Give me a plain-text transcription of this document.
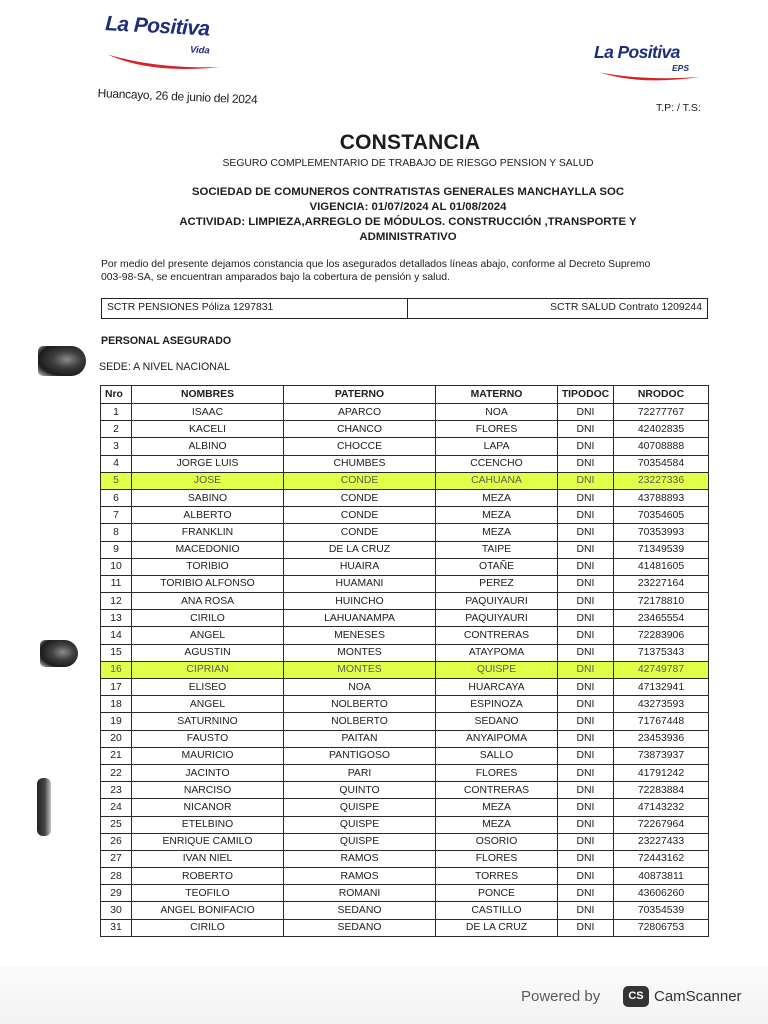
La Positiva
Vida	La Positiva
EPS
Huancayo, 26 de junio del 2024
T.P: / T.S:
CONSTANCIA
SEGURO COMPLEMENTARIO DE TRABAJO DE RIESGO PENSION Y SALUD
SOCIEDAD DE COMUNEROS CONTRATISTAS GENERALES MANCHAYLLA SOC
VIGENCIA: 01/07/2024 AL 01/08/2024
ACTIVIDAD: LIMPIEZA,ARREGLO DE MÓDULOS. CONSTRUCCIÓN ,TRANSPORTE Y
ADMINISTRATIVO
Por medio del presente dejamos constancia que los asegurados detallados líneas abajo, conforme al Decreto Supremo
003-98-SA, se encuentran amparados bajo la cobertura de pensión y salud.
SCTR PENSIONES Póliza 1297831	SCTR SALUD Contrato 1209244
PERSONAL ASEGURADO
SEDE: A NIVEL NACIONAL
Nro	NOMBRES	PATERNO	MATERNO	TIPODOC	NRODOC
1	ISAAC	APARCO	NOA	DNI	72277767
2	KACELI	CHANCO	FLORES	DNI	42402835
3	ALBINO	CHOCCE	LAPA	DNI	40708888
4	JORGE LUIS	CHUMBES	CCENCHO	DNI	70354584
5	JOSE	CONDE	CAHUANA	DNI	23227336
6	SABINO	CONDE	MEZA	DNI	43788893
7	ALBERTO	CONDE	MEZA	DNI	70354605
8	FRANKLIN	CONDE	MEZA	DNI	70353993
9	MACEDONIO	DE LA CRUZ	TAIPE	DNI	71349539
10	TORIBIO	HUAIRA	OTAÑE	DNI	41481605
11	TORIBIO ALFONSO	HUAMANI	PEREZ	DNI	23227164
12	ANA ROSA	HUINCHO	PAQUIYAURI	DNI	72178810
13	CIRILO	LAHUANAMPA	PAQUIYAURI	DNI	23465554
14	ANGEL	MENESES	CONTRERAS	DNI	72283906
15	AGUSTIN	MONTES	ATAYPOMA	DNI	71375343
16	CIPRIAN	MONTES	QUISPE	DNI	42749787
17	ELISEO	NOA	HUARCAYA	DNI	47132941
18	ANGEL	NOLBERTO	ESPINOZA	DNI	43273593
19	SATURNINO	NOLBERTO	SEDANO	DNI	71767448
20	FAUSTO	PAITAN	ANYAIPOMA	DNI	23453936
21	MAURICIO	PANTIGOSO	SALLO	DNI	73873937
22	JACINTO	PARI	FLORES	DNI	41791242
23	NARCISO	QUINTO	CONTRERAS	DNI	72283884
24	NICANOR	QUISPE	MEZA	DNI	47143232
25	ETELBINO	QUISPE	MEZA	DNI	72267964
26	ENRIQUE CAMILO	QUISPE	OSORIO	DNI	23227433
27	IVAN NIEL	RAMOS	FLORES	DNI	72443162
28	ROBERTO	RAMOS	TORRES	DNI	40873811
29	TEOFILO	ROMANI	PONCE	DNI	43606260
30	ANGEL BONIFACIO	SEDANO	CASTILLO	DNI	70354539
31	CIRILO	SEDANO	DE LA CRUZ	DNI	72806753
Powered by	CS CamScanner
